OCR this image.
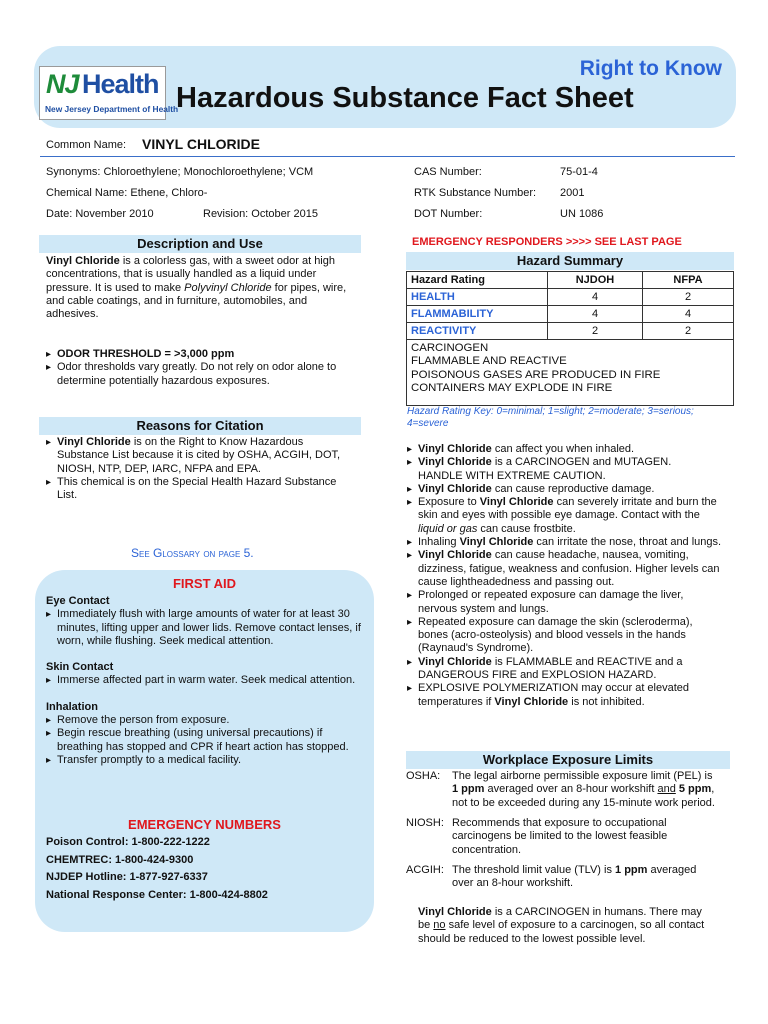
NJ Health
New Jersey Department of Health
Right to Know
Hazardous Substance Fact Sheet
Common Name: VINYL CHLORIDE
Synonyms: Chloroethylene; Monochloroethylene; VCM
Chemical Name: Ethene, Chloro-
Date: November 2010	Revision: October 2015
CAS Number:	75-01-4
RTK Substance Number: 2001
DOT Number:	UN 1086
Description and Use
Vinyl Chloride is a colorless gas, with a sweet odor at high
concentrations, that is usually handled as a liquid under
pressure. It is used to make Polyvinyl Chloride for pipes, wire,
and cable coatings, and in furniture, automobiles, and
adhesives.
▸ ODOR THRESHOLD = >3,000 ppm
▸ Odor thresholds vary greatly. Do not rely on odor alone to determine potentially hazardous exposures.
Reasons for Citation
▸ Vinyl Chloride is on the Right to Know Hazardous Substance List because it is cited by OSHA, ACGIH, DOT, NIOSH, NTP, DEP, IARC, NFPA and EPA.
▸ This chemical is on the Special Health Hazard Substance List.
See Glossary on page 5.
FIRST AID
Eye Contact
▸ Immediately flush with large amounts of water for at least 30 minutes, lifting upper and lower lids. Remove contact lenses, if worn, while flushing. Seek medical attention.
Skin Contact
▸ Immerse affected part in warm water. Seek medical attention.
Inhalation
▸ Remove the person from exposure.
▸ Begin rescue breathing (using universal precautions) if breathing has stopped and CPR if heart action has stopped.
▸ Transfer promptly to a medical facility.
EMERGENCY NUMBERS
Poison Control: 1-800-222-1222
CHEMTREC: 1-800-424-9300
NJDEP Hotline: 1-877-927-6337
National Response Center: 1-800-424-8802
EMERGENCY RESPONDERS >>>> SEE LAST PAGE
Hazard Summary
Hazard Rating	NJDOH	NFPA
HEALTH	4	2
FLAMMABILITY	4	4
REACTIVITY	2	2

CARCINOGEN
FLAMMABLE AND REACTIVE
POISONOUS GASES ARE PRODUCED IN FIRE
CONTAINERS MAY EXPLODE IN FIRE		
Hazard Rating Key: 0=minimal; 1=slight; 2=moderate; 3=serious;
4=severe
▸ Vinyl Chloride can affect you when inhaled.
▸ Vinyl Chloride is a CARCINOGEN and MUTAGEN.
HANDLE WITH EXTREME CAUTION.
▸ Vinyl Chloride can cause reproductive damage.
▸ Exposure to Vinyl Chloride can severely irritate and burn the skin and eyes with possible eye damage. Contact with the liquid or gas can cause frostbite.
▸ Inhaling Vinyl Chloride can irritate the nose, throat and lungs.
▸ Vinyl Chloride can cause headache, nausea, vomiting, dizziness, fatigue, weakness and confusion. Higher levels can cause lightheadedness and passing out.
▸ Prolonged or repeated exposure can damage the liver, nervous system and lungs.
▸ Repeated exposure can damage the skin (scleroderma), bones (acro-osteolysis) and blood vessels in the hands (Raynaud's Syndrome).
▸ Vinyl Chloride is FLAMMABLE and REACTIVE and a DANGEROUS FIRE and EXPLOSION HAZARD.
▸ EXPLOSIVE POLYMERIZATION may occur at elevated temperatures if Vinyl Chloride is not inhibited.
Workplace Exposure Limits
OSHA: The legal airborne permissible exposure limit (PEL) is
1 ppm averaged over an 8-hour workshift and 5 ppm,
not to be exceeded during any 15-minute work period.
NIOSH: Recommends that exposure to occupational carcinogens be limited to the lowest feasible concentration.
ACGIH: The threshold limit value (TLV) is 1 ppm averaged
over an 8-hour workshift.
Vinyl Chloride is a CARCINOGEN in humans. There may
be no safe level of exposure to a carcinogen, so all contact
should be reduced to the lowest possible level.
